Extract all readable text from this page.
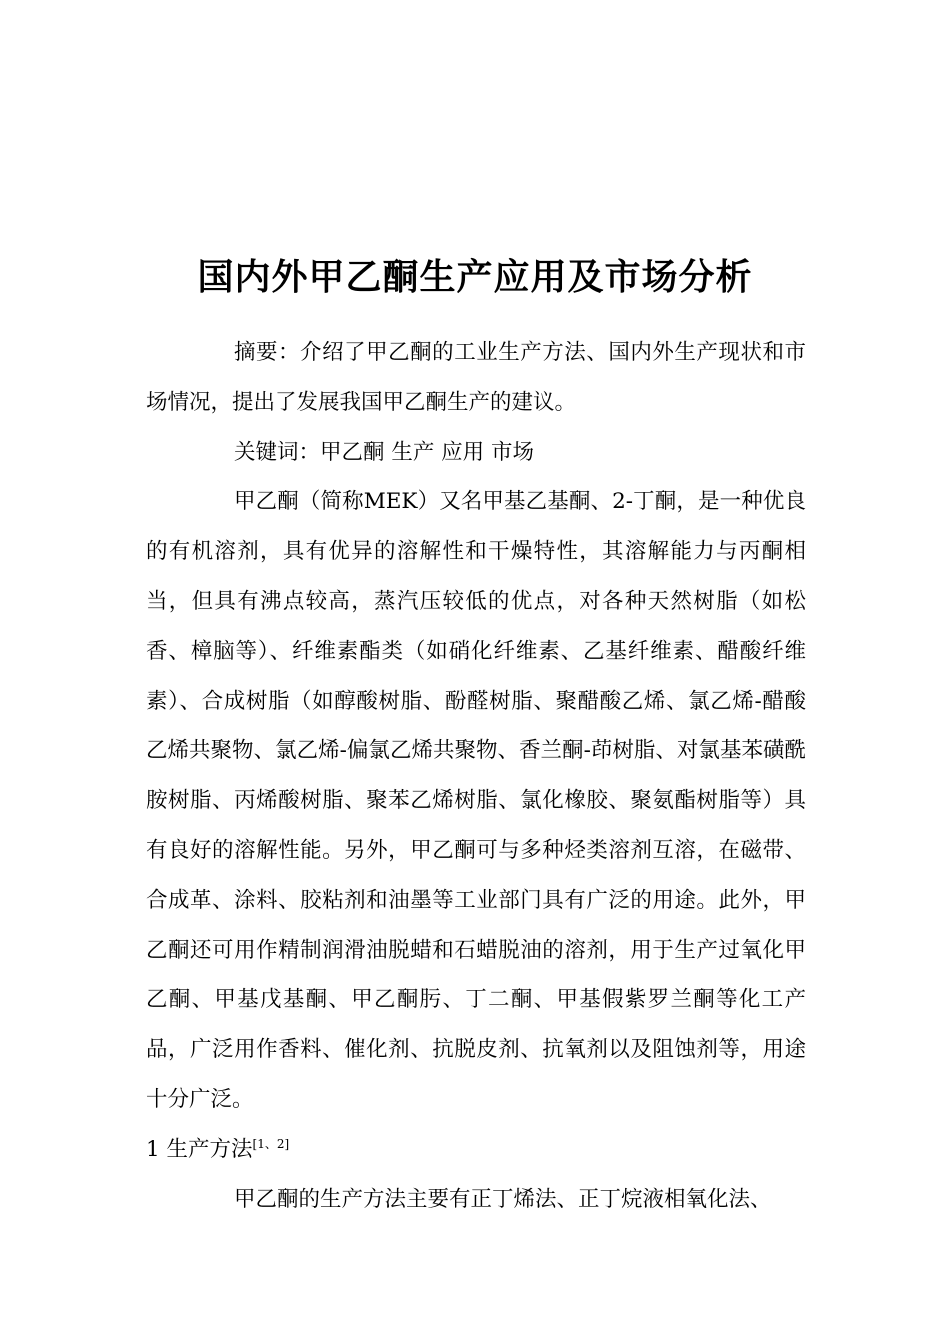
国内外甲乙酮生产应用及市场分析

摘要：介绍了甲乙酮的工业生产方法、国内外生产现状和市场情况，提出了发展我国甲乙酮生产的建议。

关键词：甲乙酮 生产 应用 市场

甲乙酮（简称MEK）又名甲基乙基酮、2-丁酮，是一种优良的有机溶剂，具有优异的溶解性和干燥特性，其溶解能力与丙酮相当，但具有沸点较高，蒸汽压较低的优点，对各种天然树脂（如松香、樟脑等）、纤维素酯类（如硝化纤维素、乙基纤维素、醋酸纤维素）、合成树脂（如醇酸树脂、酚醛树脂、聚醋酸乙烯、氯乙烯-醋酸乙烯共聚物、氯乙烯-偏氯乙烯共聚物、香兰酮-茚树脂、对氯基苯磺酰胺树脂、丙烯酸树脂、聚苯乙烯树脂、氯化橡胶、聚氨酯树脂等）具有良好的溶解性能。另外，甲乙酮可与多种烃类溶剂互溶，在磁带、合成革、涂料、胶粘剂和油墨等工业部门具有广泛的用途。此外，甲乙酮还可用作精制润滑油脱蜡和石蜡脱油的溶剂，用于生产过氧化甲乙酮、甲基戊基酮、甲乙酮肟、丁二酮、甲基假紫罗兰酮等化工产品，广泛用作香料、催化剂、抗脱皮剂、抗氧剂以及阻蚀剂等，用途十分广泛。

1 生产方法[1、2]

甲乙酮的生产方法主要有正丁烯法、正丁烷液相氧化法、
